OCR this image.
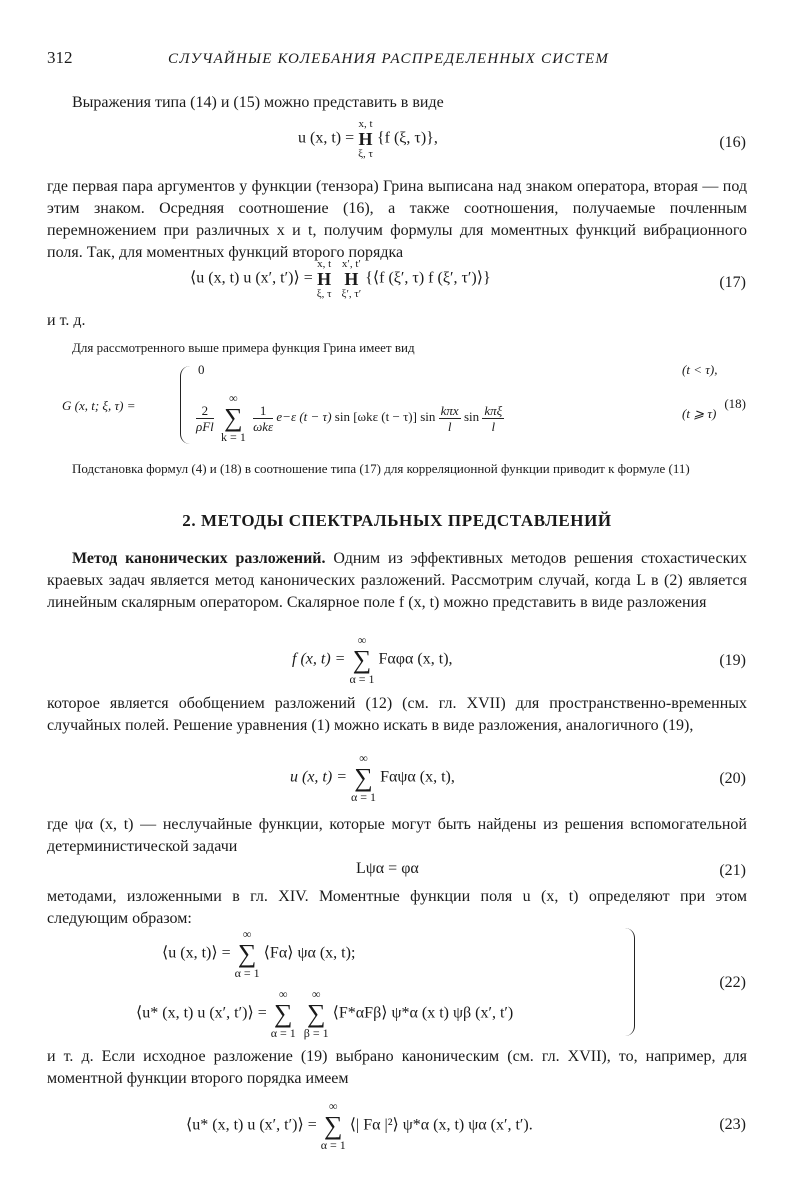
312	СЛУЧАЙНЫЕ КОЛЕБАНИЯ РАСПРЕДЕЛЕННЫХ СИСТЕМ
Выражения типа (14) и (15) можно представить в виде
u (x, t) =
x, t
H
ξ, τ
{f (ξ, τ)},	(16)
где первая пара аргументов у функции (тензора) Грина выписана над знаком оператора, вторая — под этим знаком. Осредняя соотношение (16), а также соотношения, получаемые почленным перемножением при различных x и t, получим формулы для моментных функций вибрационного поля. Так, для моментных функций второго порядка
⟨u (x, t) u (x′, t′)⟩ =
x, t
H
ξ, τ

x′, t′
H
ξ′, τ′
{⟨f (ξ′, τ) f (ξ′, τ′)⟩}	(17)
и т. д.
Для рассмотренного выше примера функция Грина имеет вид
G (x, t; ξ, τ) =
0	(t < τ),
$\frac{2}{\text{ρFl}}$

∞
∑
k = 1

$\frac{1}{\text{ωkε}} e-\varepsilon$ (t − τ) sin [ωkε (t − τ)] $\sin \frac{\text{kπx}}{l}$ $\sin \frac{\text{kπξ}}{l}$	(t ⩾ τ)
(18)
Подстановка формул (4) и (18) в соотношение типа (17) для корреляционной функции приводит к формуле (11)
2. МЕТОДЫ СПЕКТРАЛЬНЫХ ПРЕДСТАВЛЕНИЙ
Метод канонических разложений. Одним из эффективных методов решения стохастических краевых задач является метод канонических разложений. Рассмотрим случай, когда L в (2) является линейным скалярным оператором. Скалярное поле f (x, t) можно представить в виде разложения
f (x, t) =
∞
∑
α = 1
Fαφα (x, t),	(19)
которое является обобщением разложений (12) (см. гл. XVII) для пространственно-временных случайных полей. Решение уравнения (1) можно искать в виде разложения, аналогичного (19),
u (x, t) =
∞
∑
α = 1
Fαψα (x, t),	(20)
где ψα (x, t) — неслучайные функции, которые могут быть найдены из решения вспомогательной детерминистической задачи
Lψα = φα	(21)
методами, изложенными в гл. XIV. Моментные функции поля u (x, t) определяют при этом следующим образом:
⟨u (x, t)⟩ =
∞
∑
α = 1
⟨Fα⟩ ψα (x, t);
⟨u* (x, t) u (x′, t′)⟩ =
∞
∑
α = 1

∞
∑
β = 1
⟨F*αFβ⟩ ψ*α (x t) ψβ (x′, t′)
(22)
и т. д. Если исходное разложение (19) выбрано каноническим (см. гл. XVII), то, например, для моментной функции второго порядка имеем
⟨u* (x, t) u (x′, t′)⟩ =
∞
∑
α = 1
⟨| Fα |²⟩ ψ*α (x, t) ψα (x′, t′).	(23)
